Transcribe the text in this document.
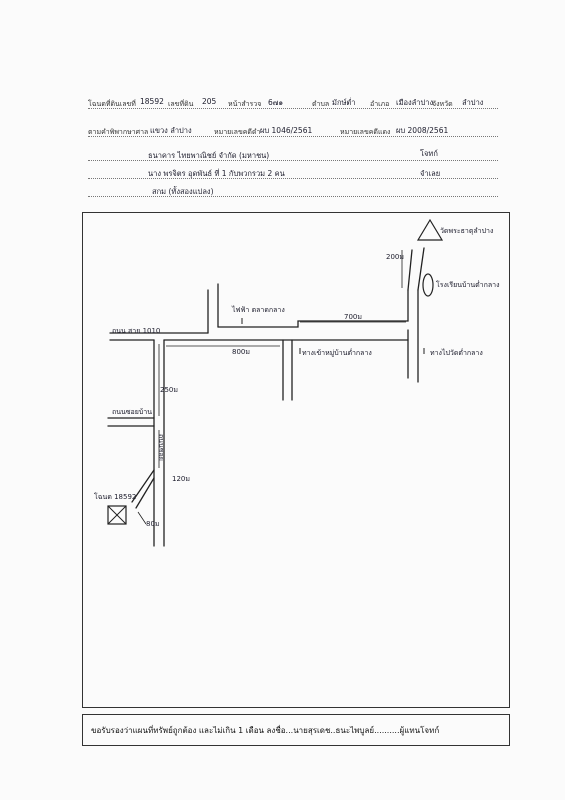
โฉนดที่ดินเลขที่ 18592 เลขที่ดิน 205 หน้าสำรวจ 6๗๑	ตำบล มักษ์ต่ำ อำเภอ เมืองลำปาง
จังหวัด ลำปาง
ตามคำพิพากษาศาล แขวง ลำปาง	หมายเลขคดีดำ ผบ 1046/2561	หมายเลขคดีแดง ผบ 2008/2561
ธนาคาร ไทยพาณิชย์ จำกัด (มหาชน)	โจทก์
นาง พรจิตร อุดพันธ์ ที่ 1 กับพวกรวม 2 คน	จำเลย
สกม (ทั้งสองแปลง)
วัดพระธาตุลำปาง
โรงเรียนบ้านต่ำกลาง
200ม
700ม
800ม
250ม
120ม
80ม
ไฟฟ้า ตลาดกลาง
ทางเข้าหมู่บ้านต่ำกลาง	ทางไปวัดต่ำกลาง
ถนน สาย 1010
ถนนซอยบ้าน
ถนนซอย
โฉนด 18592
ขอรับรองว่าแผนที่ทรัพย์ถูกต้อง และไม่เกิน 1 เดือน ลงชื่อ...นายสุรเดช..ธนะไพบูลย์..........ผู้แทนโจทก์
